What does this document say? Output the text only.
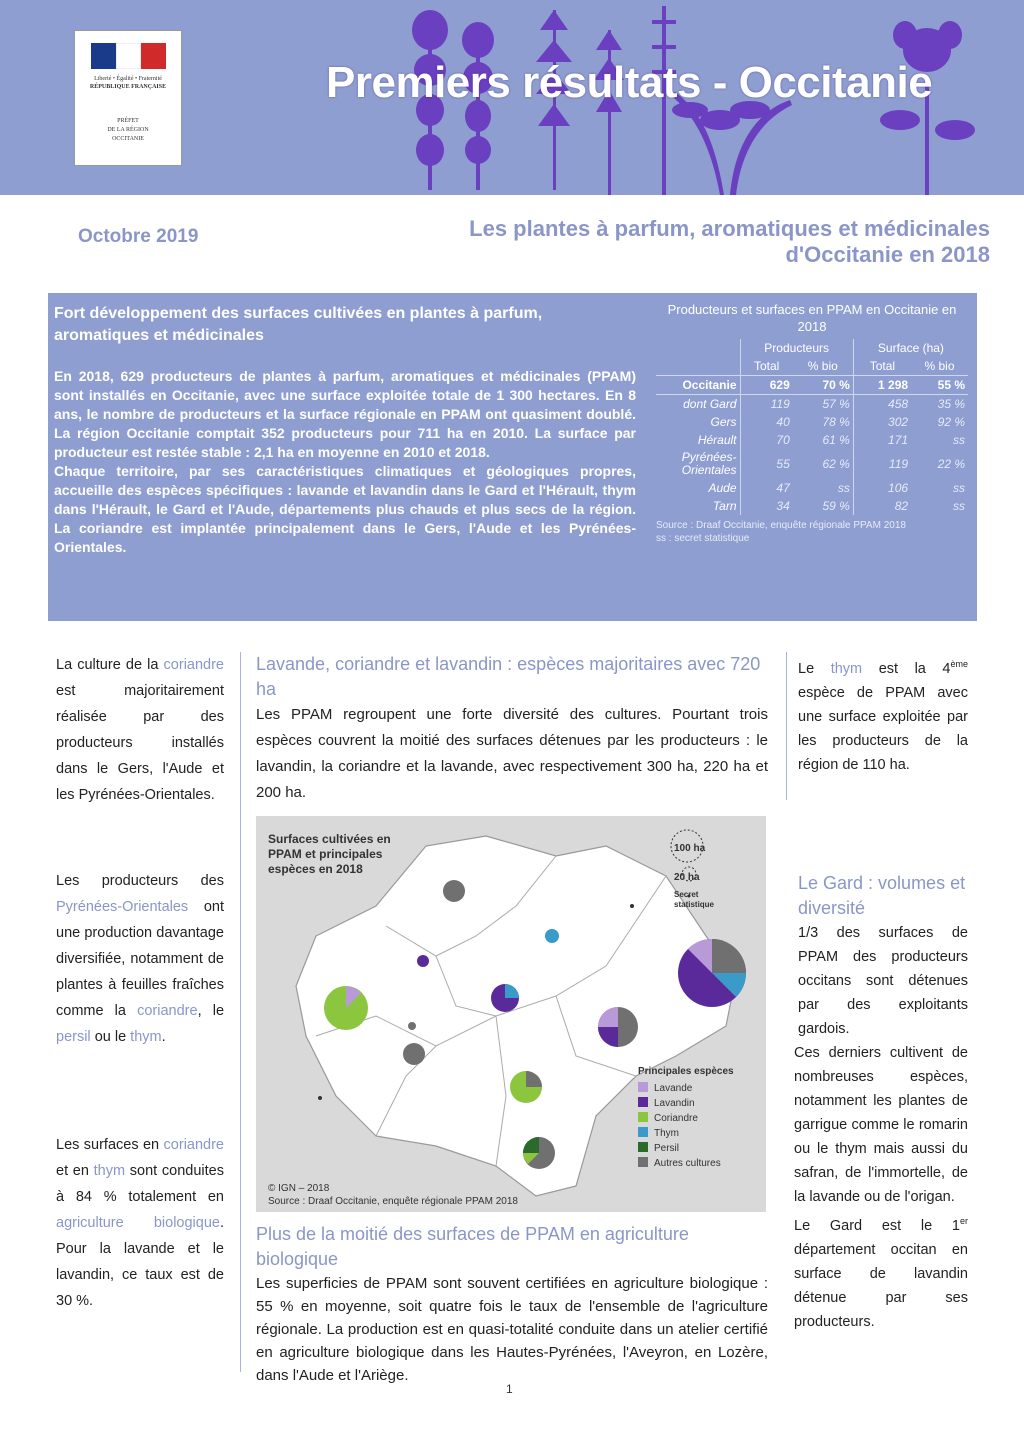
Liberté • Égalité • Fraternité
RÉPUBLIQUE FRANÇAISE
PRÉFET
DE LA RÉGION
OCCITANIE
Premiers résultats - Occitanie
Octobre 2019	Les plantes à parfum, aromatiques et médicinales
d'Occitanie en 2018
Fort développement des surfaces cultivées en plantes à parfum, aromatiques et médicinales

En 2018, 629 producteurs de plantes à parfum, aromatiques et médicinales (PPAM) sont installés en Occitanie, avec une surface exploitée totale de 1 300 hectares. En 8 ans, le nombre de producteurs et la surface régionale en PPAM ont quasiment doublé. La région Occitanie comptait 352 producteurs pour 711 ha en 2010. La surface par producteur est restée stable : 2,1 ha en moyenne en 2010 et 2018.

Chaque territoire, par ses caractéristiques climatiques et géologiques propres, accueille des espèces spécifiques : lavande et lavandin dans le Gard et l'Hérault, thym dans l'Hérault, le Gard et l'Aude, départements plus chauds et plus secs de la région. La coriandre est implantée principalement dans le Gers, l'Aude et les Pyrénées-Orientales.

Producteurs et surfaces en PPAM en Occitanie en 2018
	Producteurs		Surface (ha)	
	Total	% bio	Total	% bio
Occitanie	629	70 %	1 298	55 %
dont Gard	119	57 %	458	35 %
Gers	40	78 %	302	92 %
Hérault	70	61 %	171	ss
Pyrénées-Orientales	55	62 %	119	22 %
Aude	47	ss	106	ss
Tarn	34	59 %	82	ss
Source : Draaf Occitanie, enquête régionale PPAM 2018
ss : secret statistique

La culture de la coriandre est majoritairement réalisée par des producteurs installés dans le Gers, l'Aude et les Pyrénées-Orientales.

Les producteurs des Pyrénées-Orientales ont une production davantage diversifiée, notamment de plantes à feuilles fraîches comme la coriandre, le persil ou le thym.

Les surfaces en coriandre et en thym sont conduites à 84 % totalement en agriculture biologique. Pour la lavande et le lavandin, ce taux est de 30 %.

Lavande, coriandre et lavandin : espèces majoritaires avec 720 ha
Les PPAM regroupent une forte diversité des cultures. Pourtant trois espèces couvrent la moitié des surfaces détenues par les producteurs : le lavandin, la coriandre et la lavande, avec respectivement 300 ha, 220 ha et 200 ha.
Surfaces cultivées en PPAM et principales espèces en 2018
100 ha
20 ha
Secret statistique
Principales espèces
Lavande
Lavandin
Coriandre
Thym
Persil
Autres cultures
© IGN – 2018
Source : Draaf Occitanie, enquête régionale PPAM 2018
Plus de la moitié des surfaces de PPAM en agriculture biologique
Les superficies de PPAM sont souvent certifiées en agriculture biologique : 55 % en moyenne, soit quatre fois le taux de l'ensemble de l'agriculture régionale. La production est en quasi-totalité conduite dans un atelier certifié en agriculture biologique dans les Hautes-Pyrénées, l'Aveyron, en Lozère, dans l'Aude et l'Ariège.

Le thym est la 4ème espèce de PPAM avec une surface exploitée par les producteurs de la région de 110 ha.

Le Gard : volumes et diversité

1/3 des surfaces de PPAM des producteurs occitans sont détenues par des exploitants gardois.

Ces derniers cultivent de nombreuses espèces, notamment les plantes de garrigue comme le romarin ou le thym mais aussi du safran, de l'immortelle, de la lavande ou de l'origan.

Le Gard est le 1er département occitan en surface de lavandin détenue par ses producteurs.

1
